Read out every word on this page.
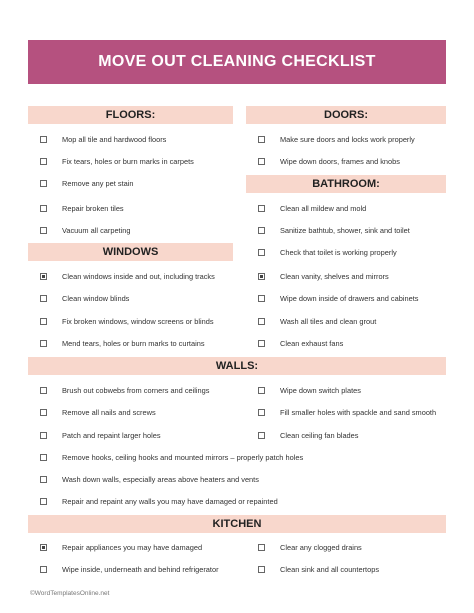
MOVE OUT CLEANING CHECKLIST
FLOORS:	DOORS:
BATHROOM:
WINDOWS
WALLS:
KITCHEN
Mop all tile and hardwood floors
Fix tears, holes or burn marks in carpets
Remove any pet stain
Repair broken tiles
Vacuum all carpeting
Make sure doors and locks work properly
Wipe down doors, frames and knobs
Clean all mildew and mold
Sanitize bathtub, shower, sink and toilet
Check that toilet is working properly
Clean vanity, shelves and mirrors
Wipe down inside of drawers and cabinets
Wash all tiles and clean grout
Clean exhaust fans
Clean windows inside and out, including tracks
Clean window blinds
Fix broken windows, window screens or blinds
Mend tears, holes or burn marks to curtains
Brush out cobwebs from corners and ceilings
Remove all nails and screws
Patch and repaint larger holes
Wipe down switch plates
Fill smaller holes with spackle and sand smooth
Clean ceiling fan blades
Remove hooks, ceiling hooks and mounted mirrors – properly patch holes
Wash down walls, especially areas above heaters and vents
Repair and repaint any walls you may have damaged or repainted
Repair appliances you may have damaged
Wipe inside, underneath and behind refrigerator
Clear any clogged drains
Clean sink and all countertops
©WordTemplatesOnline.net
